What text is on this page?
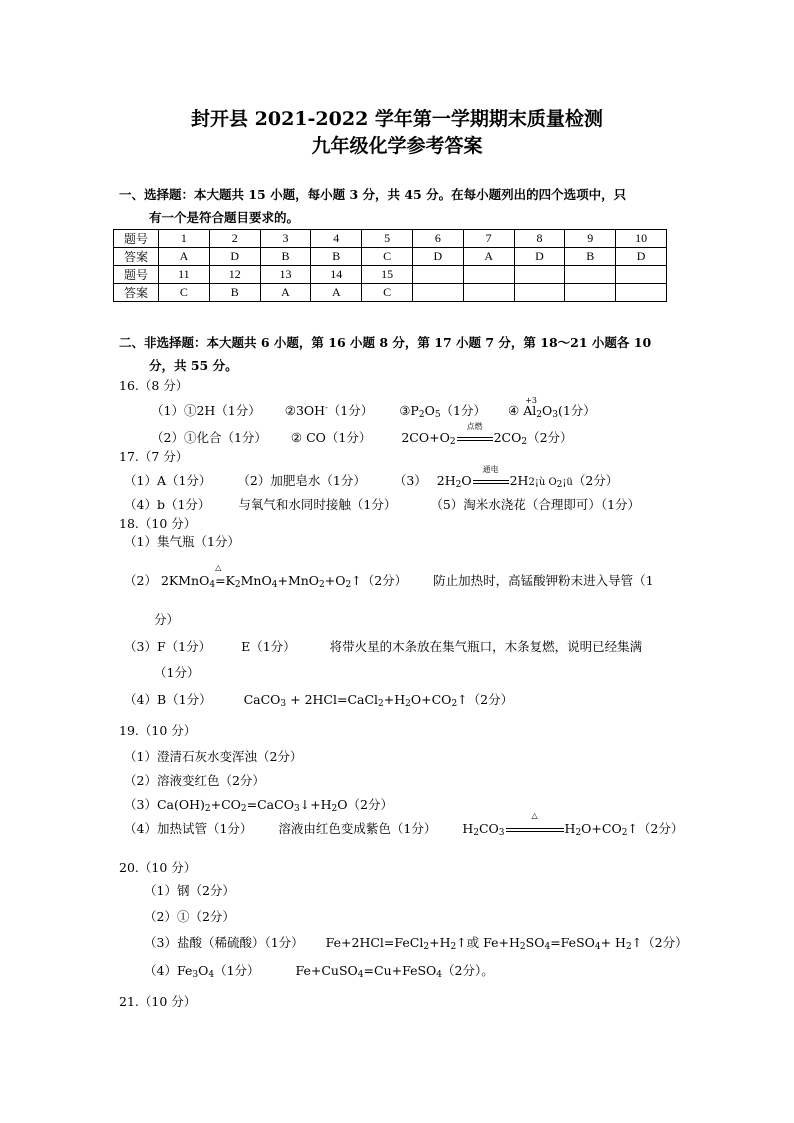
封开县 2021-2022 学年第一学期期末质量检测
九年级化学参考答案
一、选择题：本大题共 15 小题，每小题 3 分，共 45 分。在每小题列出的四个选项中，只
有一个是符合题目要求的。
题号	1	2	3	4	5	6	7	8	9	10
答案	A	D	B	B	C	D	A	D	B	D
题号	11	12	13	14	15					
答案	C	B	A	A	C					
二、非选择题：本大题共 6 小题，第 16 小题 8 分，第 17 小题 7 分，第 18～21 小题各 10
分，共 55 分。
16.（8 分）
（1）①2H（1分） ②3OH-（1分） $③P_2O_5(1$分） ④
+3
$Al_2O_3(1$分）
（2）①化合（1分） ② CO（1分） $2CO+O_2$
点燃
$2CO_2(2$分）
17.（7 分）
（1）A（1分） （2）加肥皂水（1分） （3） $2H_2O$
通电
2H2¡ù $O_2¡ü(2$分）
（4）b（1分） 与氧气和水同时接触（1分）	（5）淘米水浇花（合理即可）（1分）
18.（10 分）
（1）集气瓶（1分）
（2） 2KMnO$_4$
△
$=K_2MnO_4+MnO_2+O_2↑(2$分） 防止加热时，高锰酸钾粉末进入导管（1
分）
（3）F（1分） E（1分）	将带火星的木条放在集气瓶口，木条复燃，说明已经集满
（1分）
（4）B（1分）	CaCO$_3$ + $2HCl=CaCl_2+H_2O+CO_2↑(2$分）
19.（10 分）
（1）澄清石灰水变浑浊（2分）
（2）溶液变红色（2分）
$(3)Ca(OH)_2+CO_2=CaCO_3↓+H_2O(2$分）
（4）加热试管（1分） 溶液由红色变成紫色（1分） $H_2CO_3$
△
$H_2O+CO_2↑(2$分）
20.（10 分）
（1）钢（2分）
（2）①（2分）
（3）盐酸（稀硫酸）（1分） $Fe+2HCl=FeCl_2+H_2↑$或 $Fe+H_2SO_4=FeSO_4+$ $H_2↑(2$分）
$(4)Fe_3O_4(1$分）	Fe+CuSO$_4$=Cu+FeSO$_4$（2分）。
21.（10 分）
